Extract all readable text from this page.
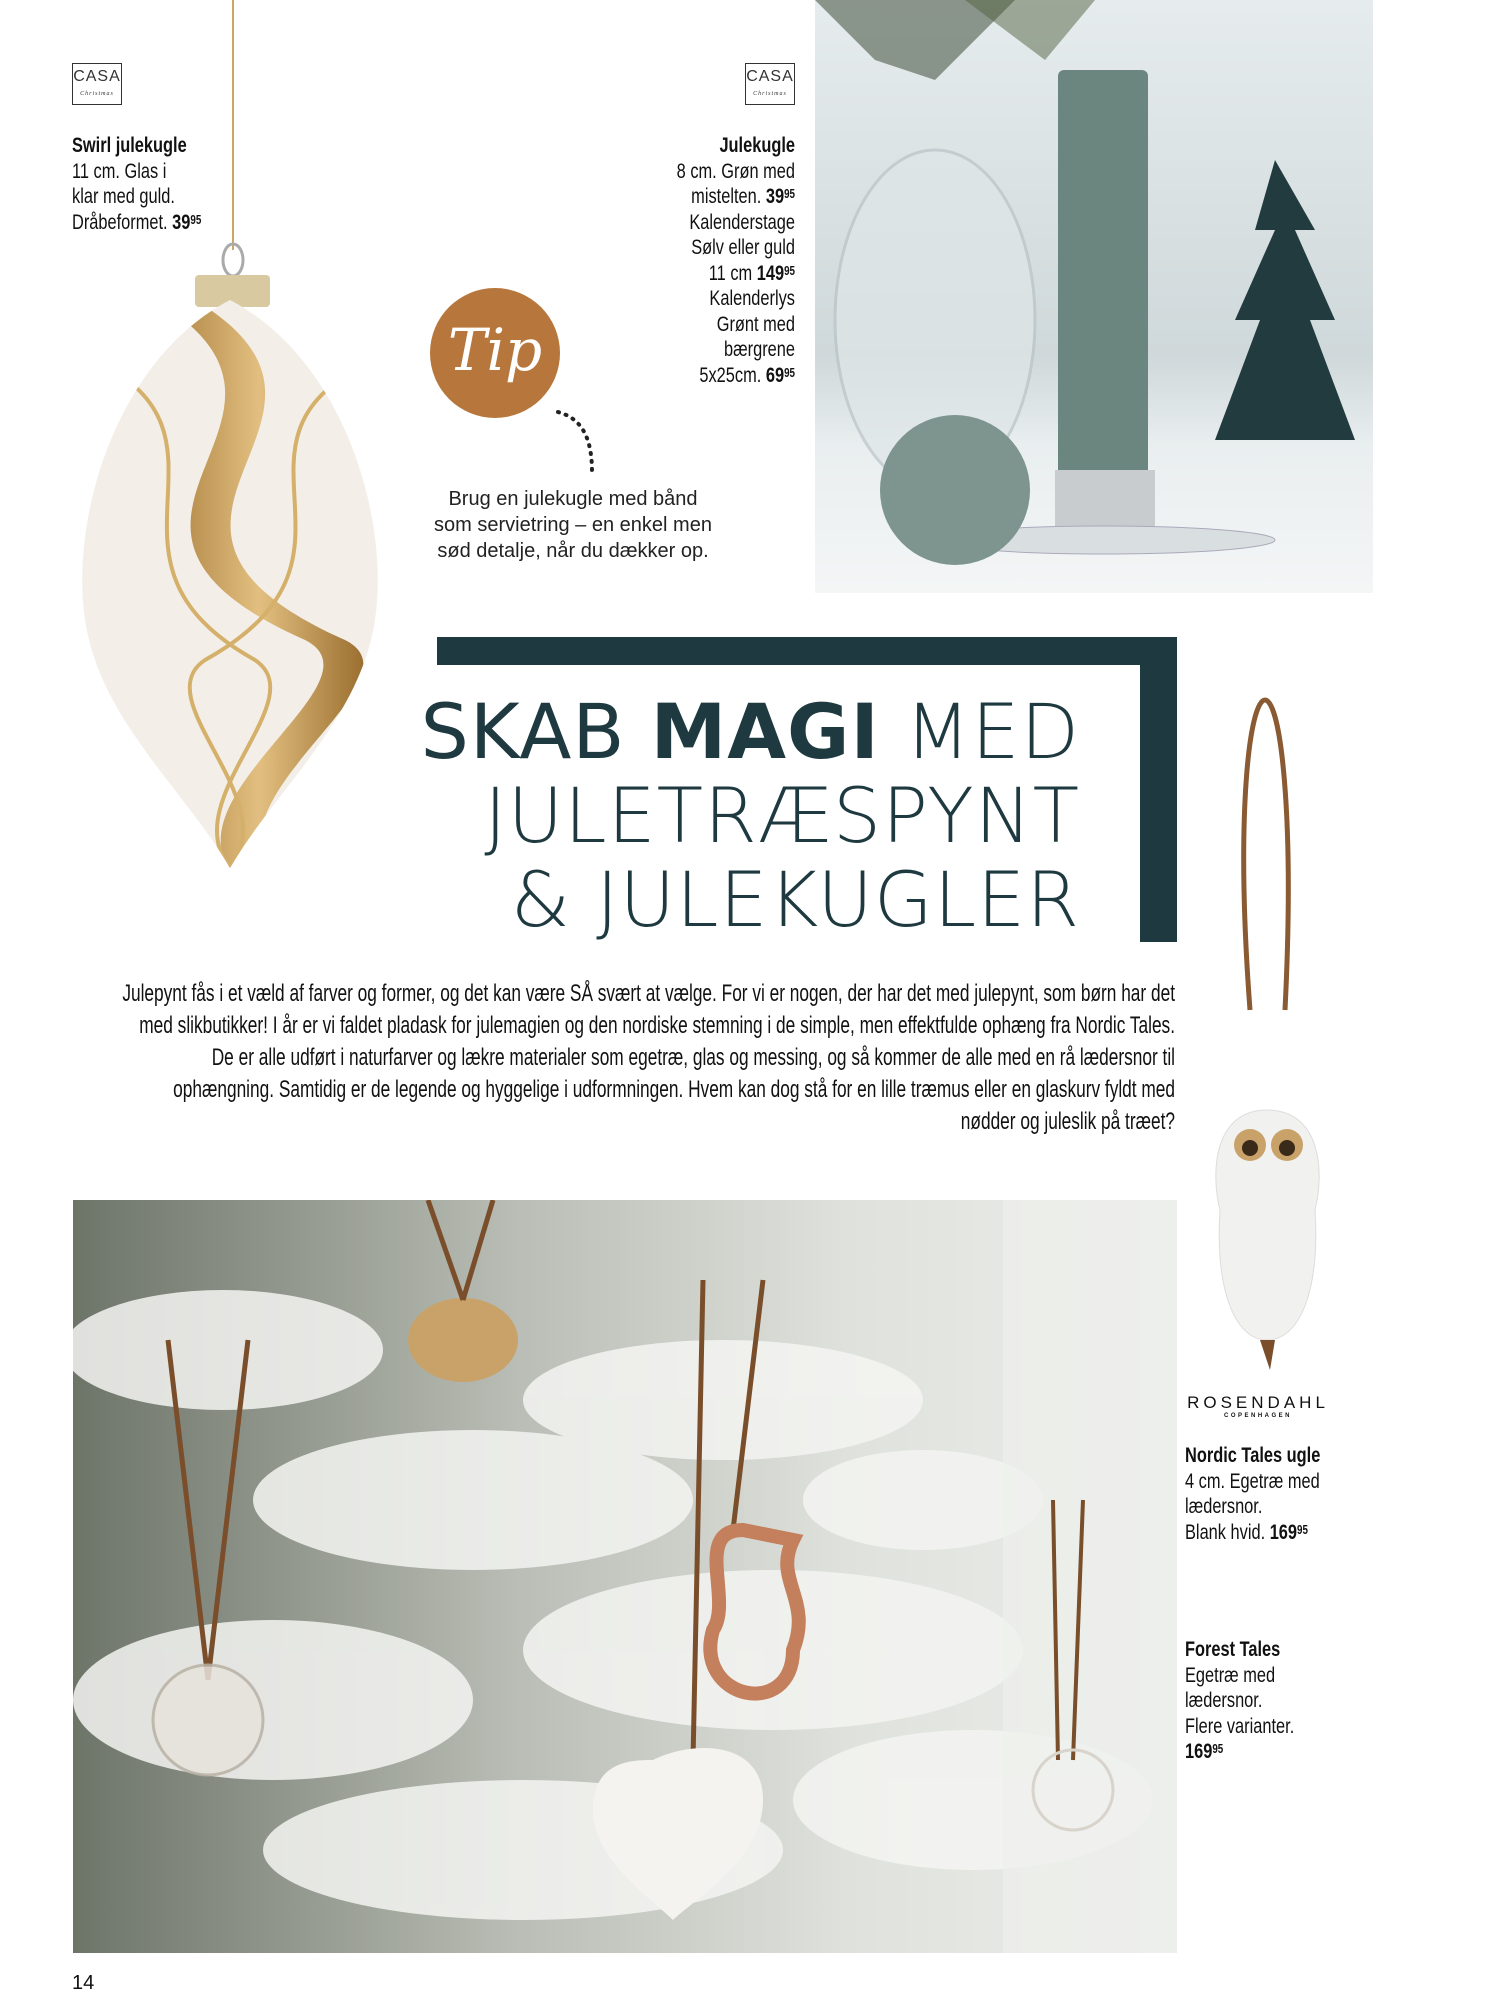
CASA
Christmas
Swirl julekugle
11 cm. Glas i
klar med guld.
Dråbeformet. $39^{95}$
CASA
Christmas
Julekugle
8 cm. Grøn med
mistelten. $39^{95}$
Kalenderstage
Sølv eller guld
11 cm $149^{95}$
Kalenderlys
Grønt med
bærgrene
5x25cm. $69^{95}$
Tip
Brug en julekugle med bånd som servietring – en enkel men sød detalje, når du dækker op.
SKAB MAGI MED
JULETRÆSPYNT
& JULEKUGLER
Julepynt fås i et væld af farver og former, og det kan være SÅ svært at vælge. For vi er nogen, der har det med julepynt, som børn har det med slikbutikker! I år er vi faldet pladask for julemagien og den nordiske stemning i de simple, men effektfulde ophæng fra Nordic Tales. De er alle udført i naturfarver og lækre materialer som egetræ, glas og messing, og så kommer de alle med en rå lædersnor til ophængning. Samtidig er de legende og hyggelige i udformningen. Hvem kan dog stå for en lille træmus eller en glaskurv fyldt med nødder og juleslik på træet?
ROSENDAHL
COPENHAGEN
Nordic Tales ugle
4 cm. Egetræ med
lædersnor.
Blank hvid. $169^{95}$
Forest Tales
Egetræ med
lædersnor.
Flere varianter.
$169^{95}$
14
